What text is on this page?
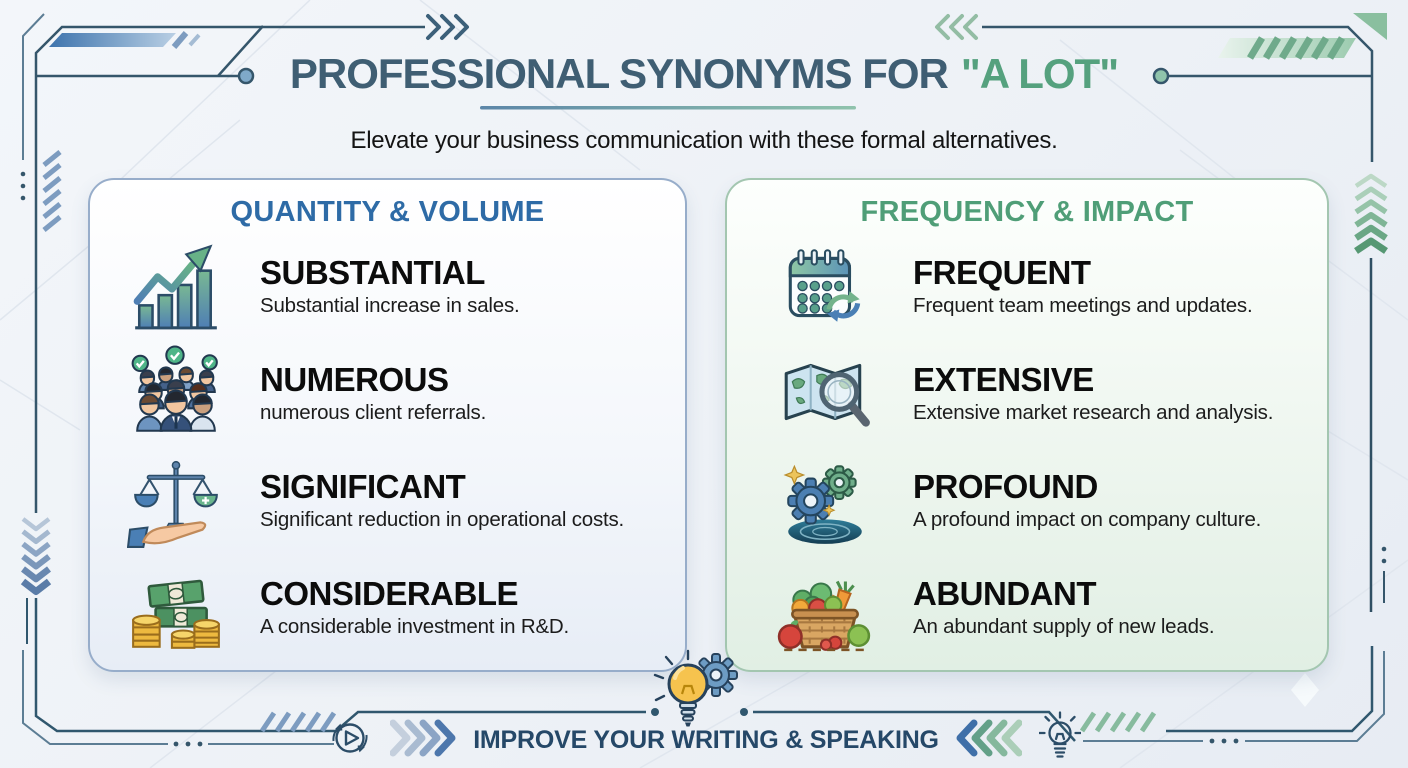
PROFESSIONAL SYNONYMS FOR "A LOT"
Elevate your business communication with these formal alternatives.
QUANTITY & VOLUME
SUBSTANTIAL
Substantial increase in sales.
NUMEROUS
numerous client referrals.
SIGNIFICANT
Significant reduction in operational costs.
CONSIDERABLE
A considerable investment in R&D.
FREQUENCY & IMPACT
FREQUENT
Frequent team meetings and updates.
EXTENSIVE
Extensive market research and analysis.
PROFOUND
A profound impact on company culture.
ABUNDANT
An abundant supply of new leads.
IMPROVE YOUR WRITING & SPEAKING
